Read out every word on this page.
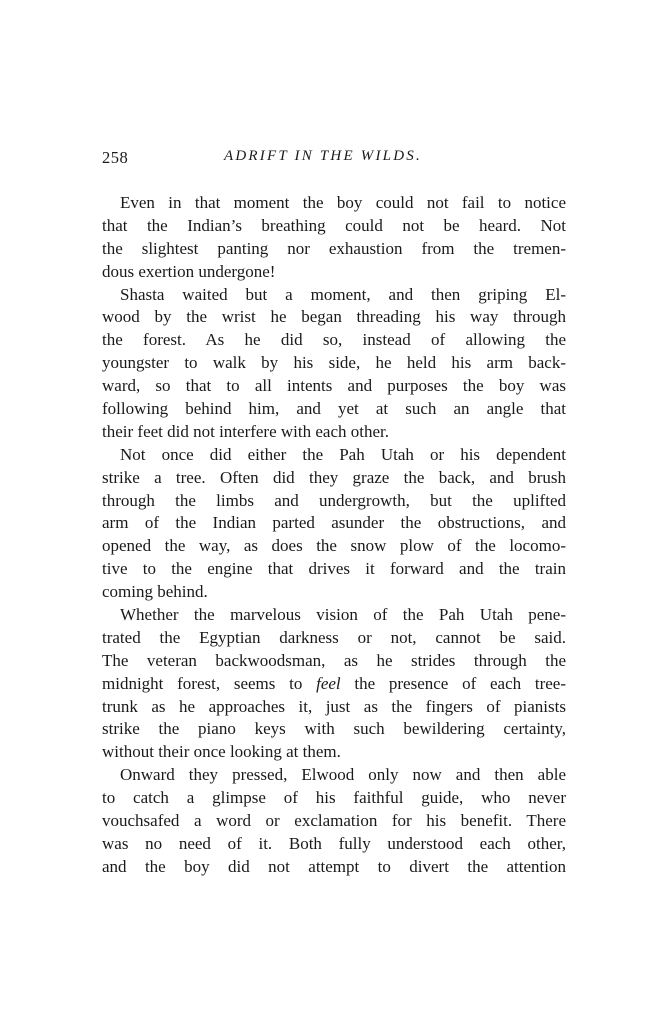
258	ADRIFT IN THE WILDS.
Even in that moment the boy could not fail to notice
that the Indian’s breathing could not be heard. Not
the slightest panting nor exhaustion from the tremen-
dous exertion undergone!
Shasta waited but a moment, and then griping El-
wood by the wrist he began threading his way through
the forest. As he did so, instead of allowing the
youngster to walk by his side, he held his arm back-
ward, so that to all intents and purposes the boy was
following behind him, and yet at such an angle that
their feet did not interfere with each other.
Not once did either the Pah Utah or his dependent
strike a tree. Often did they graze the back, and brush
through the limbs and undergrowth, but the uplifted
arm of the Indian parted asunder the obstructions, and
opened the way, as does the snow plow of the locomo-
tive to the engine that drives it forward and the train
coming behind.
Whether the marvelous vision of the Pah Utah pene-
trated the Egyptian darkness or not, cannot be said.
The veteran backwoodsman, as he strides through the
midnight forest, seems to feel the presence of each tree-
trunk as he approaches it, just as the fingers of pianists
strike the piano keys with such bewildering certainty,
without their once looking at them.
Onward they pressed, Elwood only now and then able
to catch a glimpse of his faithful guide, who never
vouchsafed a word or exclamation for his benefit. There
was no need of it. Both fully understood each other,
and the boy did not attempt to divert the attention
